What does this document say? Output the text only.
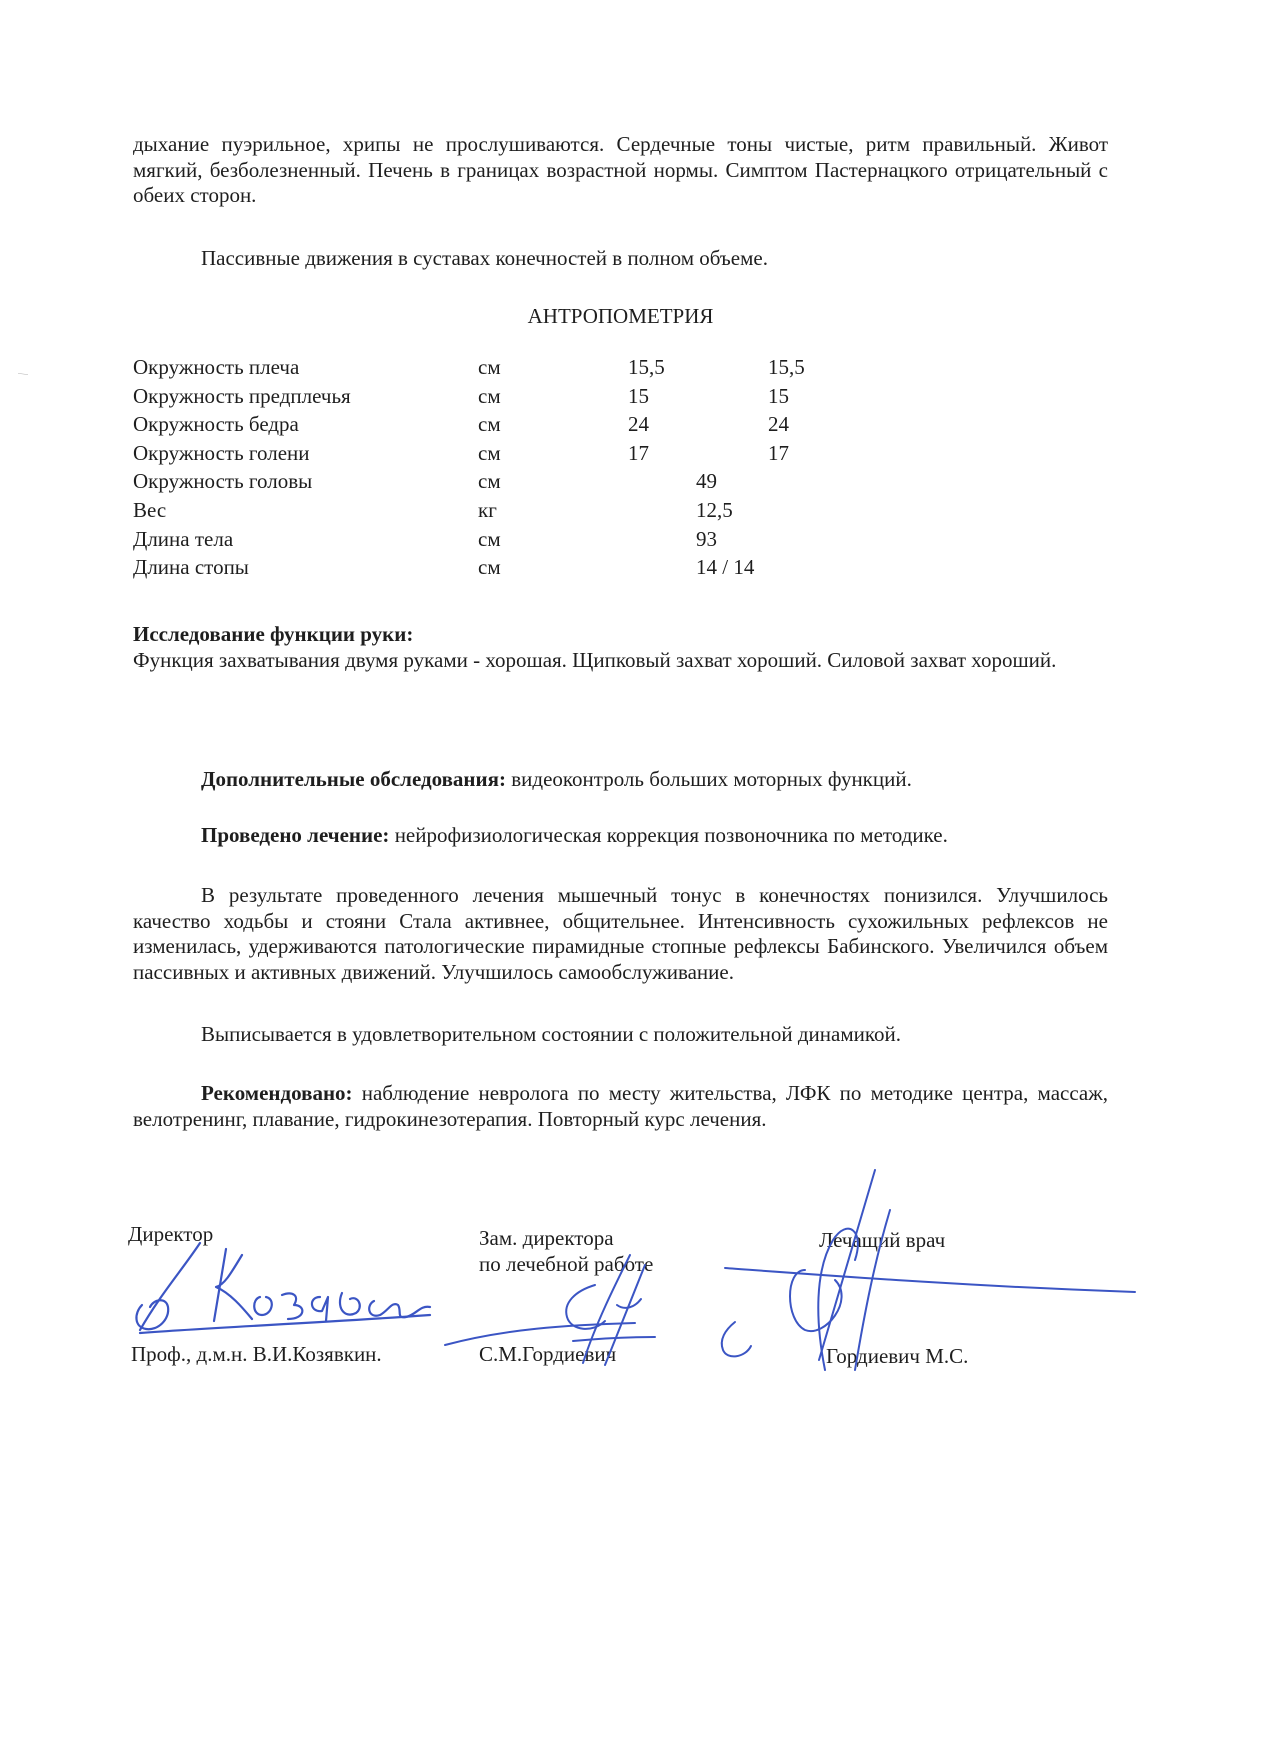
дыхание пуэрильное, хрипы не прослушиваются. Сердечные тоны чистые, ритм правильный. Живот мягкий, безболезненный. Печень в границах возрастной нормы. Симптом Пастернацкого отрицательный с обеих сторон.
Пассивные движения в суставах конечностей в полном объеме.
АНТРОПОМЕТРИЯ
Окружность плеча	см	15,5	15,5
Окружность предплечья	см	15	15
Окружность бедра	см	24	24
Окружность голени	см	17	17
Окружность головы	см	49	
Вес	кг	12,5	
Длина тела	см	93	
Длина стопы	см	14 / 14	
Исследование функции руки:
Функция захватывания двумя руками - хорошая. Щипковый захват хороший. Силовой захват хороший.
Дополнительные обследования: видеоконтроль больших моторных функций.
Проведено лечение: нейрофизиологическая коррекция позвоночника по методике.
В результате проведенного лечения мышечный тонус в конечностях понизился. Улучшилось качество ходьбы и стояни Стала активнее, общительнее. Интенсивность сухожильных рефлексов не изменилась, удерживаются патологические пирамидные стопные рефлексы Бабинского. Увеличился объем пассивных и активных движений. Улучшилось самообслуживание.
Выписывается в удовлетворительном состоянии с положительной динамикой.
Рекомендовано: наблюдение невролога по месту жительства, ЛФК по методике центра, массаж, велотренинг, плавание, гидрокинезотерапия. Повторный курс лечения.
Директор
Проф., д.м.н. В.И.Козявкин.
Зам. директора
по лечебной работе
С.М.Гордиевич
Лечащий врач
Гордиевич М.С.
